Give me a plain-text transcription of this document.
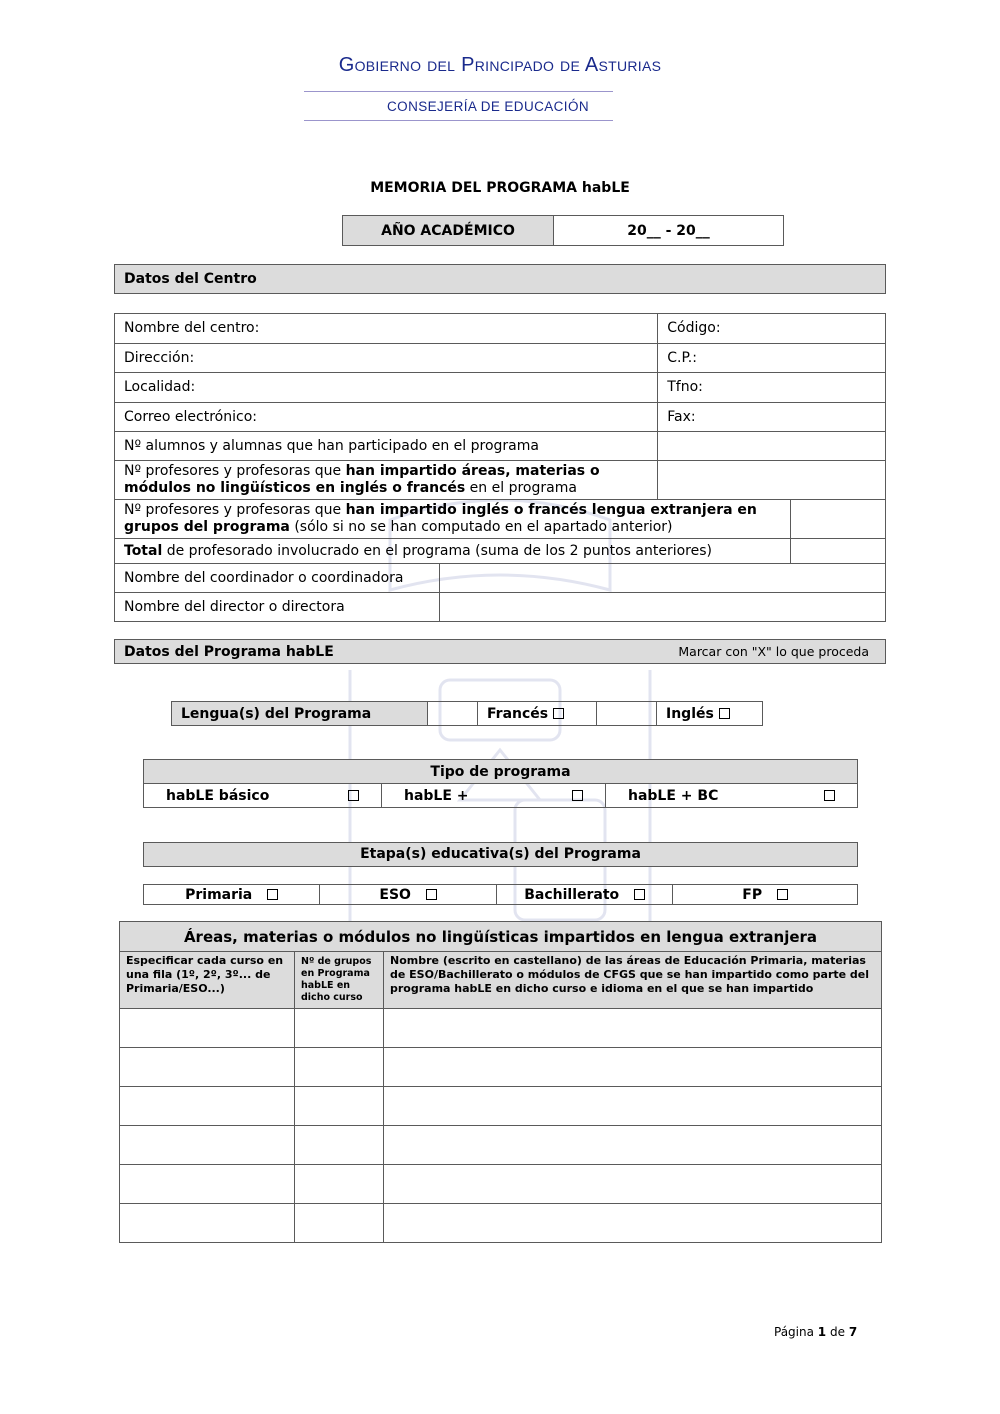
Gobierno del Principado de Asturias
CONSEJERÍA DE EDUCACIÓN
MEMORIA DEL PROGRAMA habLE
AÑO ACADÉMICO	20__ - 20__
Datos del Centro
Nombre del centro:		Código:	
Dirección:		C.P.:	
Localidad:		Tfno:	
Correo electrónico:		Fax:	
Nº alumnos y alumnas que han participado en el programa			
Nº profesores y profesoras que han impartido áreas, materias o módulos no lingüísticos en inglés o francés en el programa			
Nº profesores y profesoras que han impartido inglés o francés lengua extranjera en grupos del programa (sólo si no se han computado en el apartado anterior)			
Total de profesorado involucrado en el programa (suma de los 2 puntos anteriores)			
Nombre del coordinador o coordinadora			
Nombre del director o directora			
Datos del Programa habLE	Marcar con "X" lo que proceda
Lengua(s) del Programa		Francés		Inglés
Tipo de programa

habLE básico	habLE +	habLE + BC
Etapa(s) educativa(s) del Programa
Primaria	ESO	Bachillerato	FP
Áreas, materias o módulos no lingüísticas impartidos en lengua extranjera		
Especificar cada curso en una fila (1º, 2º, 3º... de Primaria/ESO...)	Nº de grupos en Programa habLE en dicho curso	Nombre (escrito en castellano) de las áreas de Educación Primaria, materias de ESO/Bachillerato o módulos de CFGS que se han impartido como parte del programa habLE en dicho curso e idioma en el que se han impartido

Página 1 de 7
